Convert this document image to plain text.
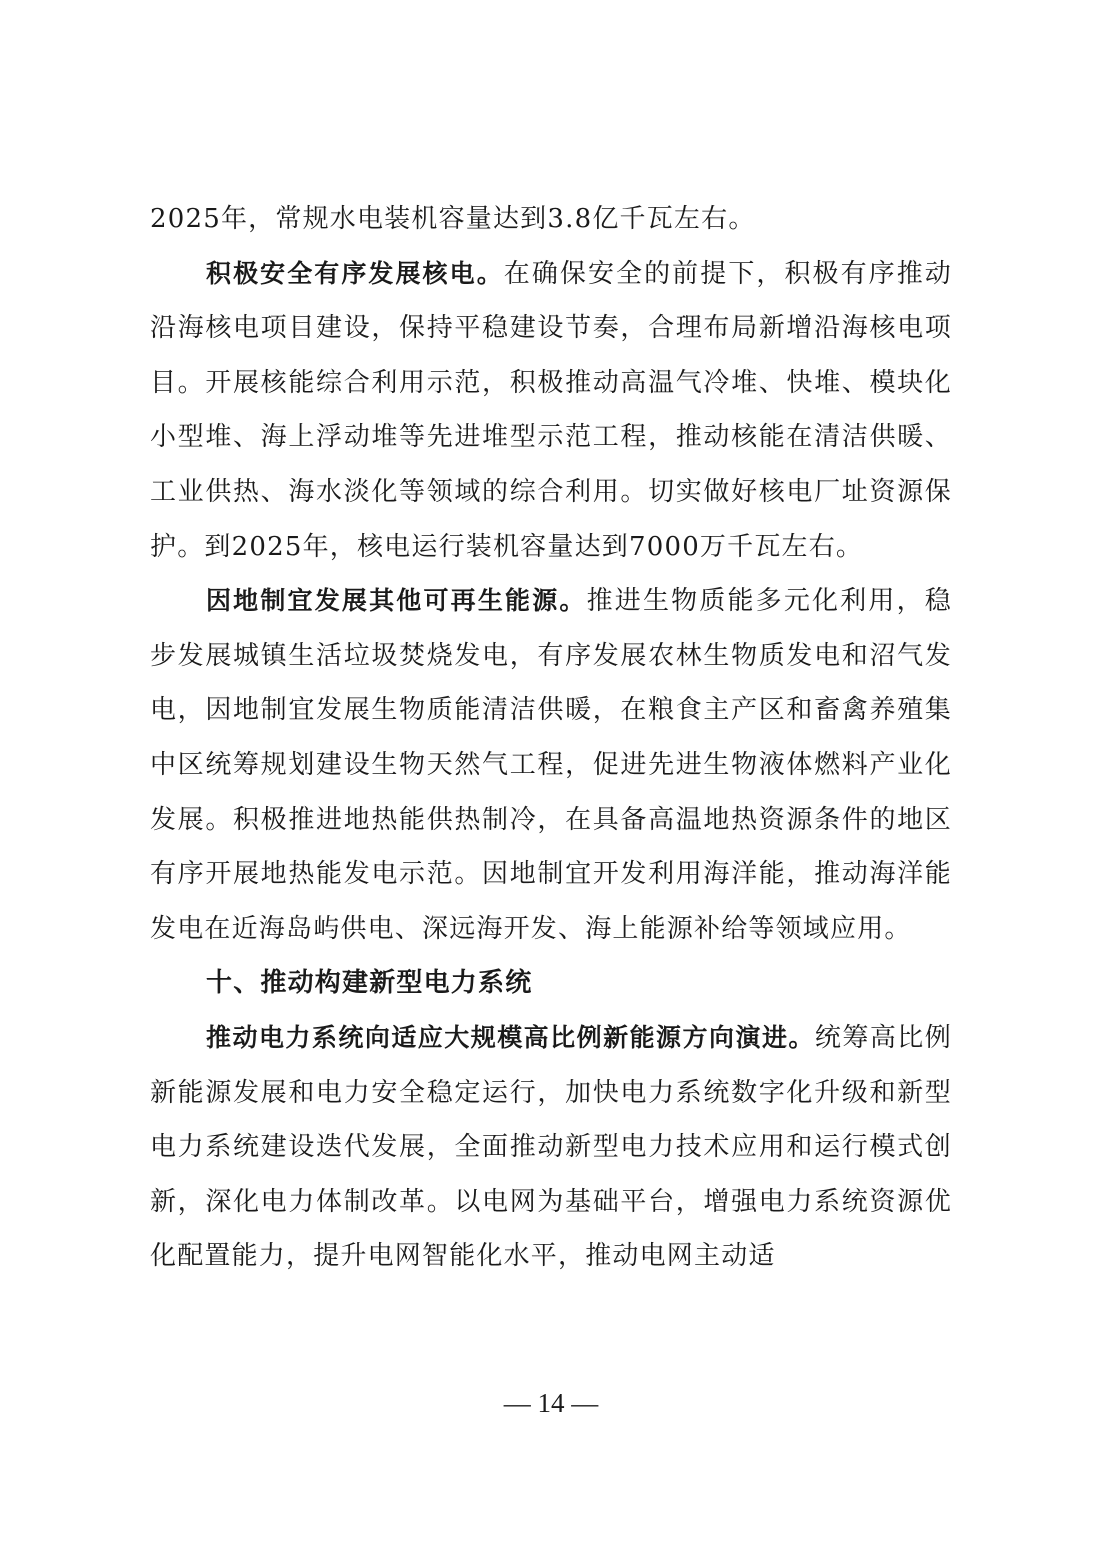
2025年，常规水电装机容量达到3.8亿千瓦左右。

积极安全有序发展核电。在确保安全的前提下，积极有序推动沿海核电项目建设，保持平稳建设节奏，合理布局新增沿海核电项目。开展核能综合利用示范，积极推动高温气冷堆、快堆、模块化小型堆、海上浮动堆等先进堆型示范工程，推动核能在清洁供暖、工业供热、海水淡化等领域的综合利用。切实做好核电厂址资源保护。到2025年，核电运行装机容量达到7000万千瓦左右。

因地制宜发展其他可再生能源。推进生物质能多元化利用，稳步发展城镇生活垃圾焚烧发电，有序发展农林生物质发电和沼气发电，因地制宜发展生物质能清洁供暖，在粮食主产区和畜禽养殖集中区统筹规划建设生物天然气工程，促进先进生物液体燃料产业化发展。积极推进地热能供热制冷，在具备高温地热资源条件的地区有序开展地热能发电示范。因地制宜开发利用海洋能，推动海洋能发电在近海岛屿供电、深远海开发、海上能源补给等领域应用。

十、推动构建新型电力系统

推动电力系统向适应大规模高比例新能源方向演进。统筹高比例新能源发展和电力安全稳定运行，加快电力系统数字化升级和新型电力系统建设迭代发展，全面推动新型电力技术应用和运行模式创新，深化电力体制改革。以电网为基础平台，增强电力系统资源优化配置能力，提升电网智能化水平，推动电网主动适

— 14 —
